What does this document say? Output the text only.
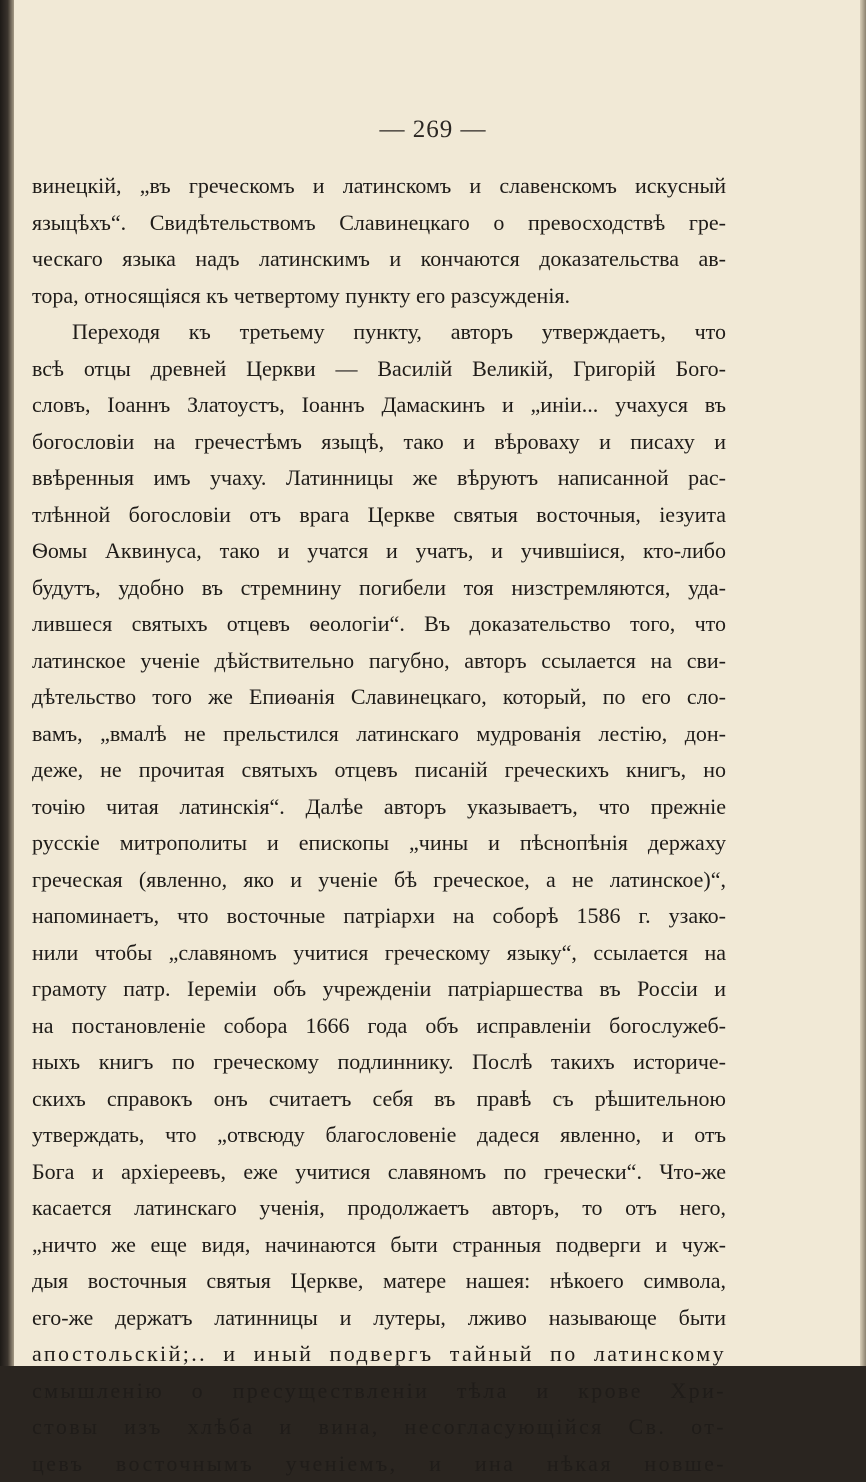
— 269 —
винецкій, „въ греческомъ и латинскомъ и славенскомъ искусный
языцѣхъ“. Свидѣтельствомъ Славинецкаго о превосходствѣ гре-
ческаго языка надъ латинскимъ и кончаются доказательства ав-
тора, относящіяся къ четвертому пункту его разсужденія.
Переходя къ третьему пункту, авторъ утверждаетъ, что
всѣ отцы древней Церкви — Василій Великій, Григорій Бого-
словъ, Іоаннъ Златоустъ, Іоаннъ Дамаскинъ и „иніи... учахуся въ
богословіи на гречестѣмъ языцѣ, тако и вѣроваху и писаху и
ввѣренныя имъ учаху. Латинницы же вѣруютъ написанной рас-
тлѣнной богословіи отъ врага Церкве святыя восточныя, іезуита
Ѳомы Аквинуса, тако и учатся и учатъ, и учившіися, кто-либо
будутъ, удобно въ стремнину погибели тоя низстремляются, уда-
лившеся святыхъ отцевъ ѳеологіи“. Въ доказательство того, что
латинское ученіе дѣйствительно пагубно, авторъ ссылается на сви-
дѣтельство того же Епиѳанія Славинецкаго, который, по его сло-
вамъ, „вмалѣ не прельстился латинскаго мудрованія лестію, дон-
деже, не прочитая святыхъ отцевъ писаній греческихъ книгъ, но
точію читая латинскія“. Далѣе авторъ указываетъ, что прежніе
русскіе митрополиты и епископы „чины и пѣснопѣнія держаху
греческая (явленно, яко и ученіе бѣ греческое, а не латинское)“,
напоминаетъ, что восточные патріархи на соборѣ 1586 г. узако-
нили чтобы „славяномъ учитися греческому языку“, ссылается на
грамоту патр. Іереміи объ учрежденіи патріаршества въ Россіи и
на постановленіе собора 1666 года объ исправленіи богослужеб-
ныхъ книгъ по греческому подлиннику. Послѣ такихъ историче-
скихъ справокъ онъ считаетъ себя въ правѣ съ рѣшительною
утверждать, что „отвсюду благословеніе дадеся явленно, и отъ
Бога и архіереевъ, еже учитися славяномъ по гречески“. Что-же
касается латинскаго ученія, продолжаетъ авторъ, то отъ него,
„ничто же еще видя, начинаются быти странныя подверги и чуж-
дыя восточныя святыя Церкве, матере нашея: нѣкоего символа,
его-же держатъ латинницы и лутеры, лживо называюще быти
апостольскій;.. и иный подвергъ тайный по латинскому
смышленію о пресуществленіи тѣла и крове Хри-
стовы изъ хлѣба и вина, несогласующійся Св. от-
цевъ восточнымъ ученіемъ, и ина нѣкая новше-
